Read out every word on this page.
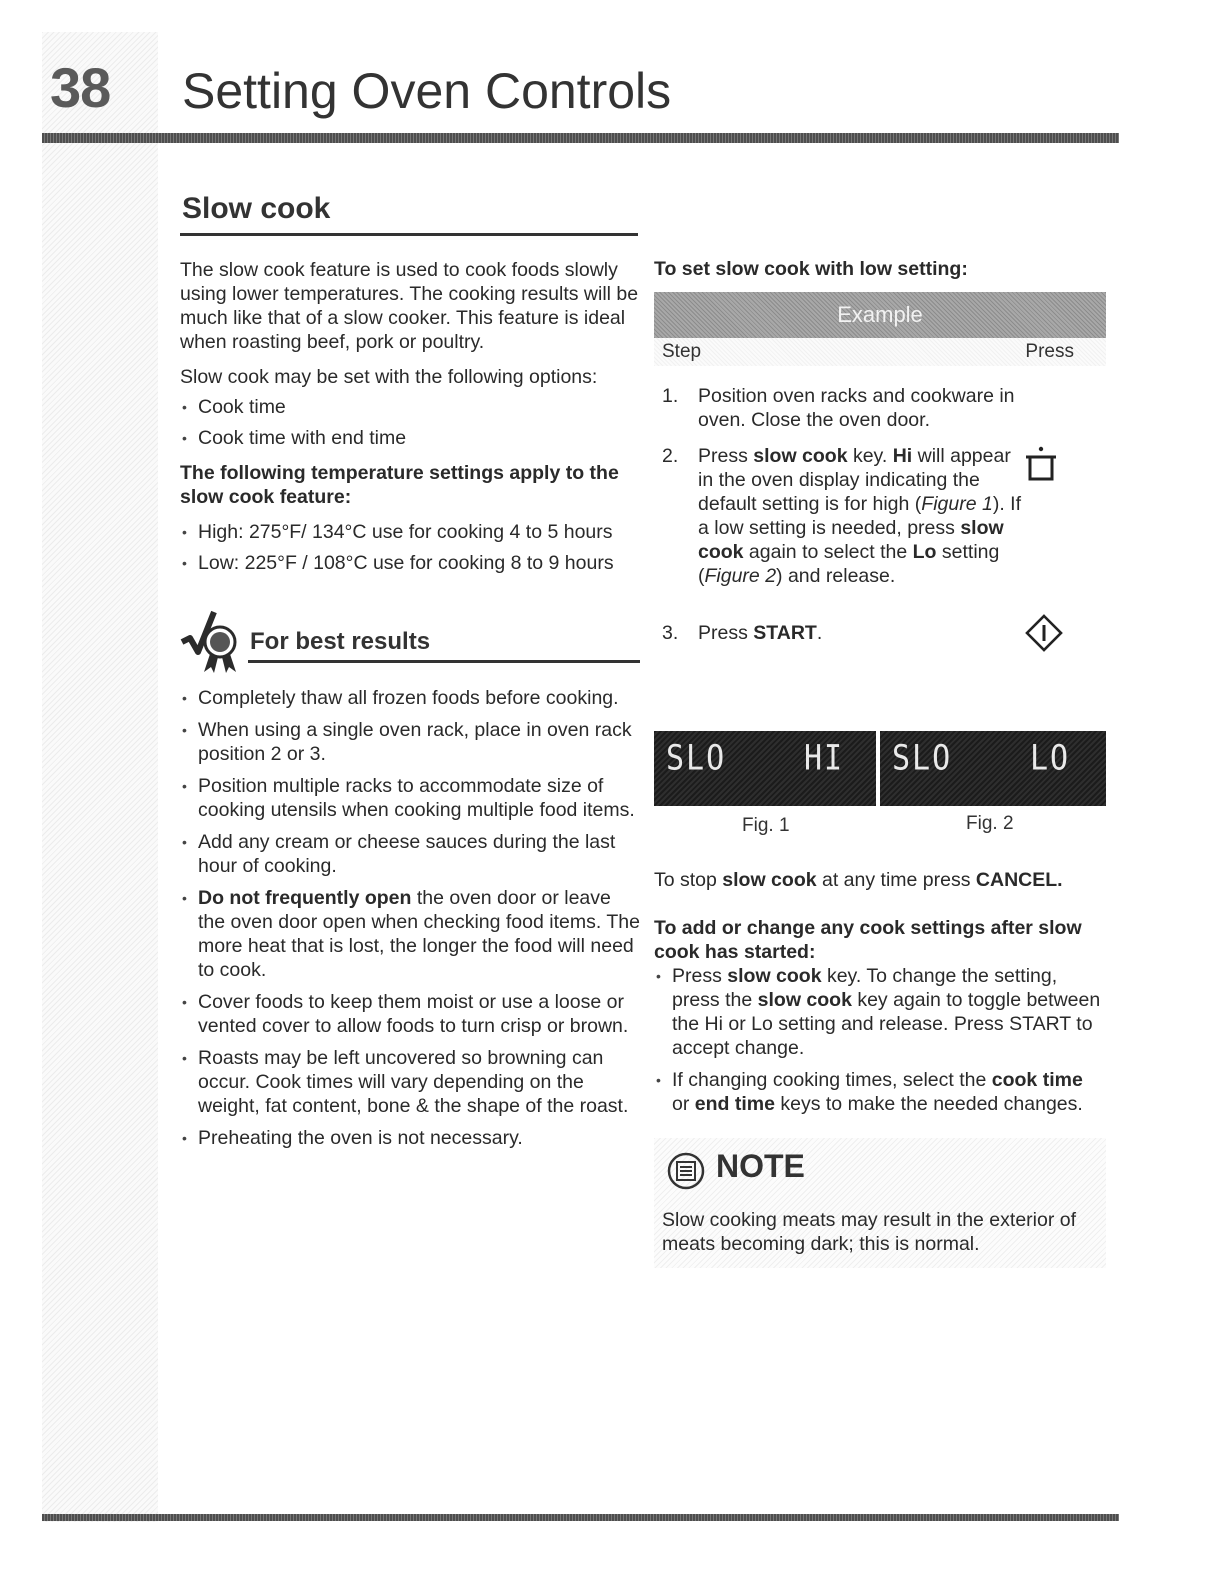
38 Setting Oven Controls
Slow cook

The slow cook feature is used to cook foods slowly using lower temperatures. The cooking results will be much like that of a slow cooker. This feature is ideal when roasting beef, pork or poultry.

Slow cook may be set with the following options:

• Cook time
• Cook time with end time

The following temperature settings apply to the slow cook feature:

• High: 275°F/ 134°C use for cooking 4 to 5 hours
• Low: 225°F / 108°C use for cooking 8 to 9 hours
For best results
• Completely thaw all frozen foods before cooking.
• When using a single oven rack, place in oven rack position 2 or 3.
• Position multiple racks to accommodate size of cooking utensils when cooking multiple food items.
• Add any cream or cheese sauces during the last hour of cooking.
• Do not frequently open the oven door or leave the oven door open when checking food items. The more heat that is lost, the longer the food will need to cook.
• Cover foods to keep them moist or use a loose or vented cover to allow foods to turn crisp or brown.
• Roasts may be left uncovered so browning can occur. Cook times will vary depending on the weight, fat content, bone & the shape of the roast.
• Preheating the oven is not necessary.
To set slow cook with low setting:
Example
Step	Press
1. Position oven racks and cookware in oven. Close the oven door.
2. Press slow cook key. Hi will appear in the oven display indicating the default setting is for high (Figure 1). If a low setting is needed, press slow cook again to select the Lo setting (Figure 2) and release.
3. Press START.
SLO	HI SLO	LO
Fig. 1	Fig. 2

To stop slow cook at any time press CANCEL.

To add or change any cook settings after slow cook has started:

• Press slow cook key. To change the setting, press the slow cook key again to toggle between the Hi or Lo setting and release. Press START to accept change.
• If changing cooking times, select the cook time or end time keys to make the needed changes.
NOTE
Slow cooking meats may result in the exterior of meats becoming dark; this is normal.
